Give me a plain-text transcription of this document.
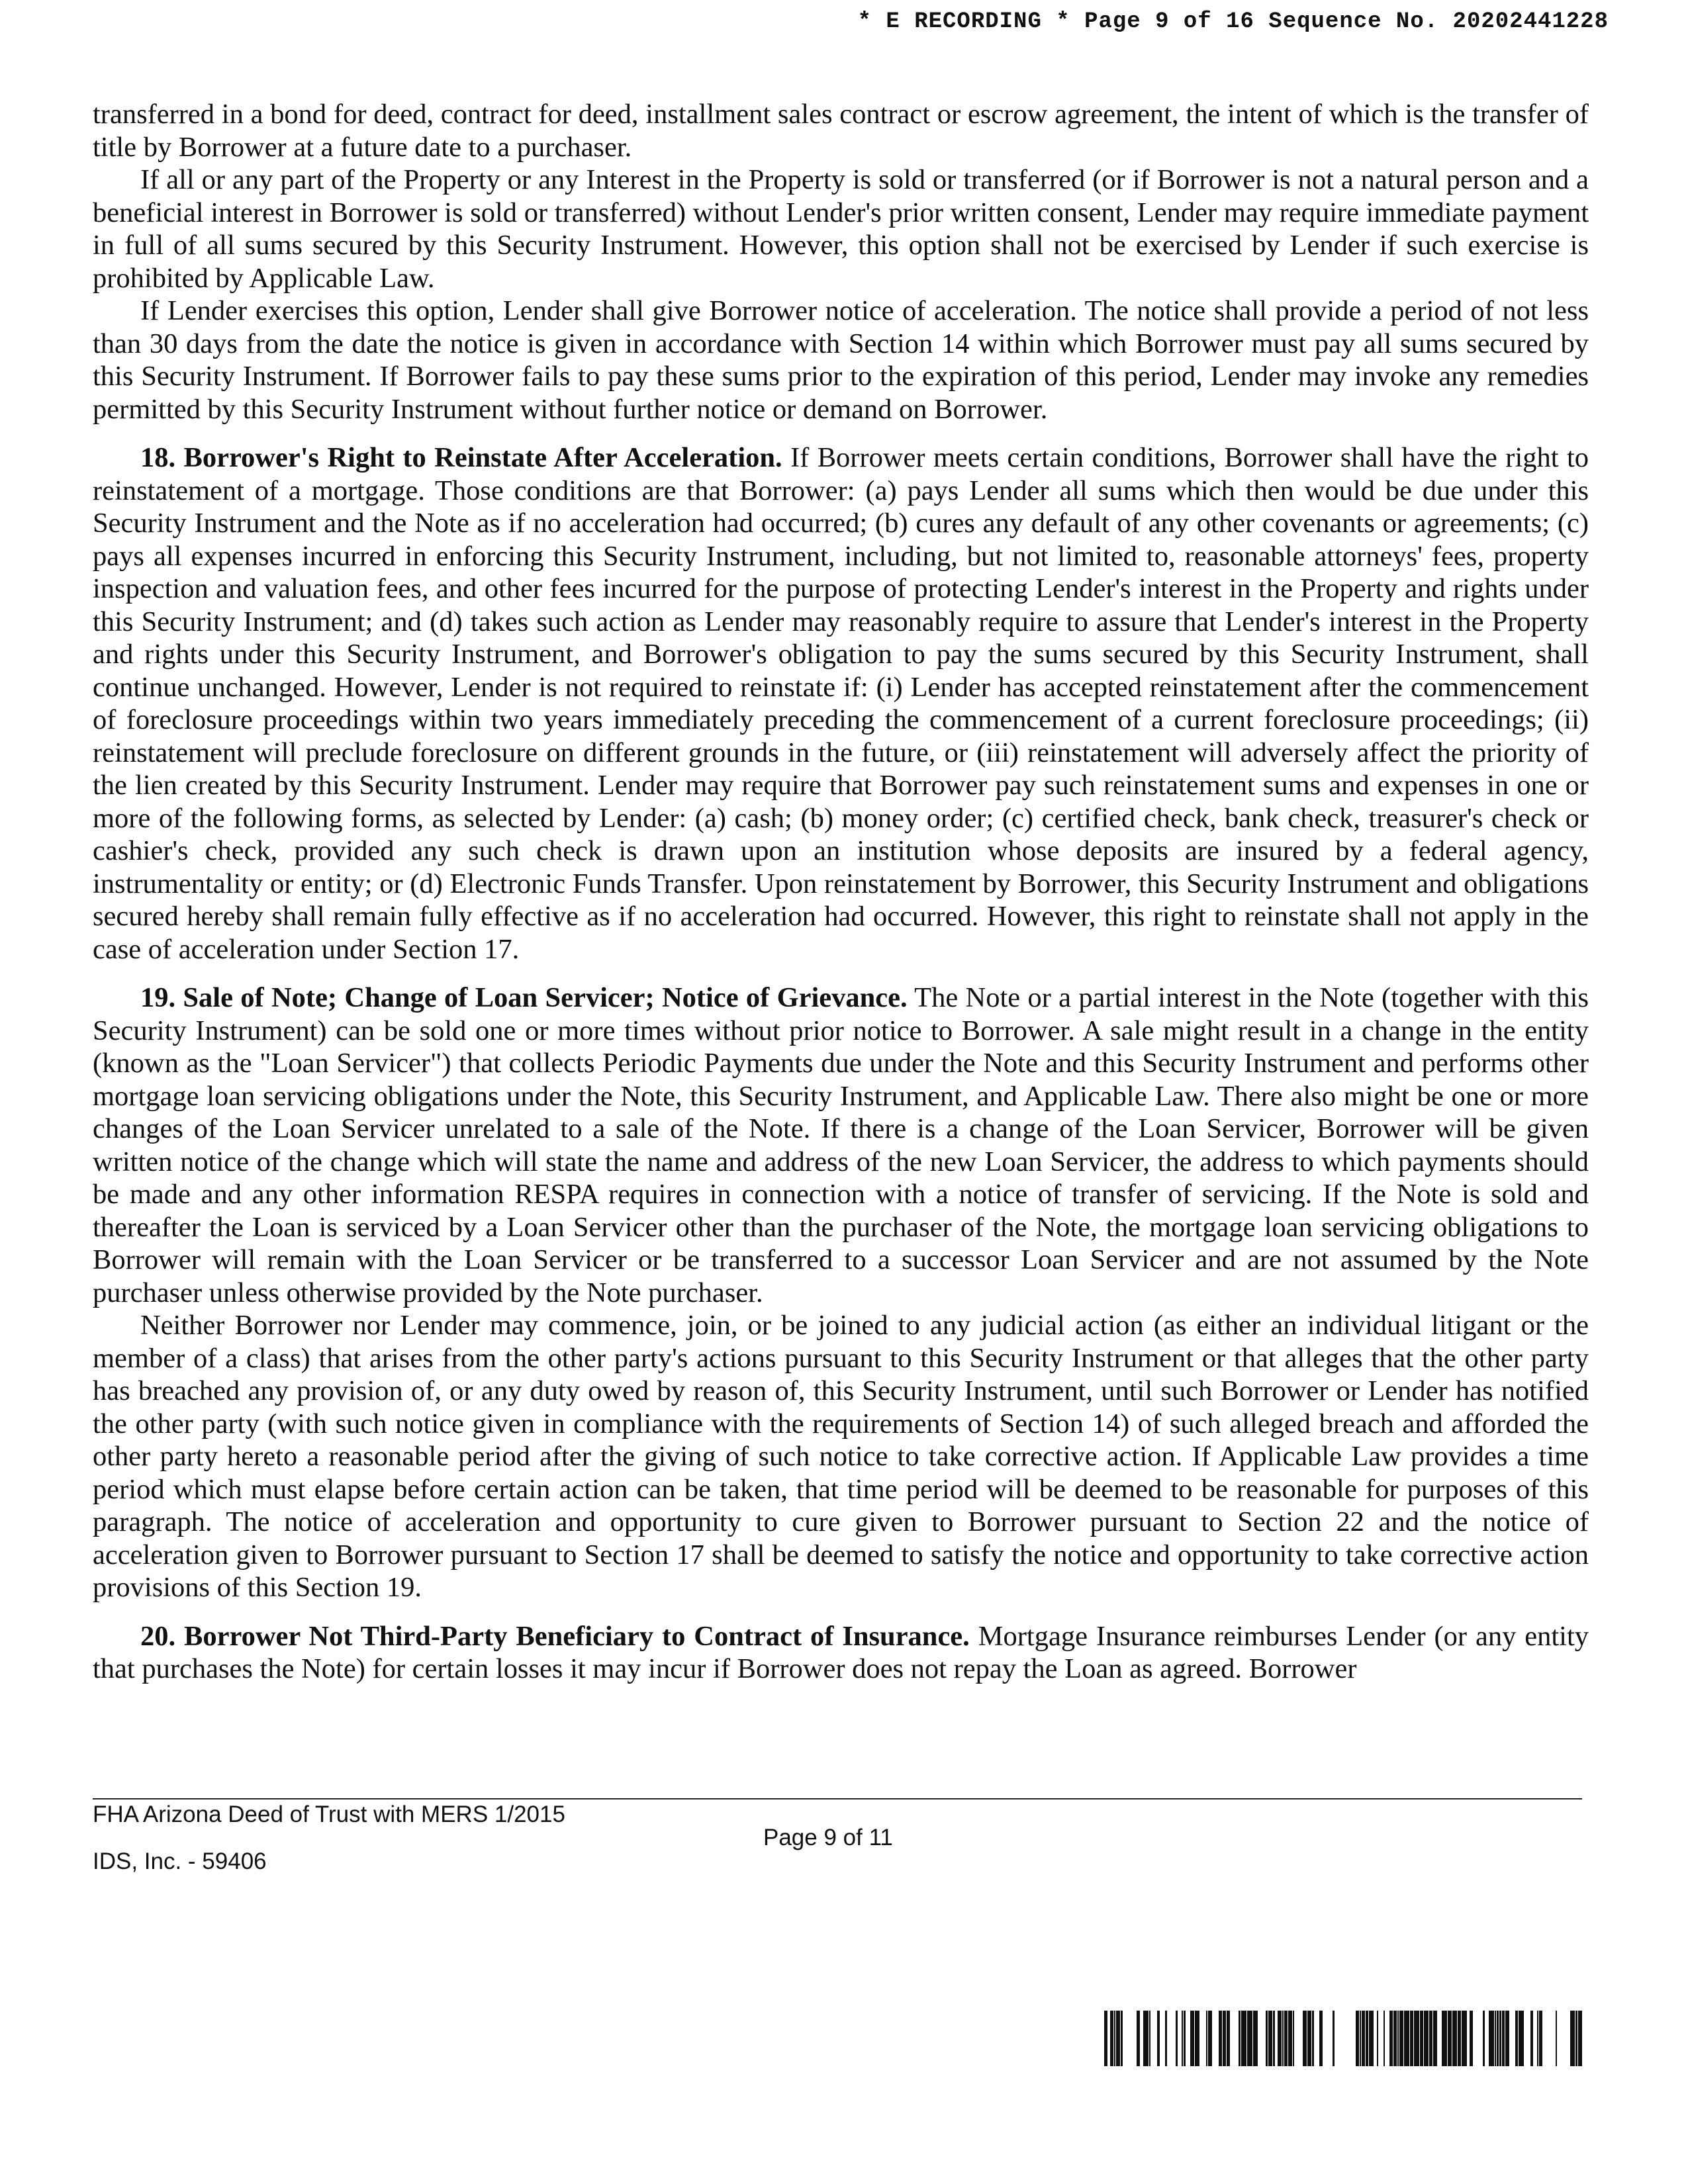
* E RECORDING * Page 9 of 16 Sequence No. 20202441228

transferred in a bond for deed, contract for deed, installment sales contract or escrow agreement, the intent of which is the transfer of title by Borrower at a future date to a purchaser.

If all or any part of the Property or any Interest in the Property is sold or transferred (or if Borrower is not a natural person and a beneficial interest in Borrower is sold or transferred) without Lender's prior written consent, Lender may require immediate payment in full of all sums secured by this Security Instrument. However, this option shall not be exercised by Lender if such exercise is prohibited by Applicable Law.

If Lender exercises this option, Lender shall give Borrower notice of acceleration. The notice shall provide a period of not less than 30 days from the date the notice is given in accordance with Section 14 within which Borrower must pay all sums secured by this Security Instrument. If Borrower fails to pay these sums prior to the expiration of this period, Lender may invoke any remedies permitted by this Security Instrument without further notice or demand on Borrower.

18. Borrower's Right to Reinstate After Acceleration. If Borrower meets certain conditions, Borrower shall have the right to reinstatement of a mortgage. Those conditions are that Borrower: (a) pays Lender all sums which then would be due under this Security Instrument and the Note as if no acceleration had occurred; (b) cures any default of any other covenants or agreements; (c) pays all expenses incurred in enforcing this Security Instrument, including, but not limited to, reasonable attorneys' fees, property inspection and valuation fees, and other fees incurred for the purpose of protecting Lender's interest in the Property and rights under this Security Instrument; and (d) takes such action as Lender may reasonably require to assure that Lender's interest in the Property and rights under this Security Instrument, and Borrower's obligation to pay the sums secured by this Security Instrument, shall continue unchanged. However, Lender is not required to reinstate if: (i) Lender has accepted reinstatement after the commencement of foreclosure proceedings within two years immediately preceding the commencement of a current foreclosure proceedings; (ii) reinstatement will preclude foreclosure on different grounds in the future, or (iii) reinstatement will adversely affect the priority of the lien created by this Security Instrument. Lender may require that Borrower pay such reinstatement sums and expenses in one or more of the following forms, as selected by Lender: (a) cash; (b) money order; (c) certified check, bank check, treasurer's check or cashier's check, provided any such check is drawn upon an institution whose deposits are insured by a federal agency, instrumentality or entity; or (d) Electronic Funds Transfer. Upon reinstatement by Borrower, this Security Instrument and obligations secured hereby shall remain fully effective as if no acceleration had occurred. However, this right to reinstate shall not apply in the case of acceleration under Section 17.

19. Sale of Note; Change of Loan Servicer; Notice of Grievance. The Note or a partial interest in the Note (together with this Security Instrument) can be sold one or more times without prior notice to Borrower. A sale might result in a change in the entity (known as the "Loan Servicer") that collects Periodic Payments due under the Note and this Security Instrument and performs other mortgage loan servicing obligations under the Note, this Security Instrument, and Applicable Law. There also might be one or more changes of the Loan Servicer unrelated to a sale of the Note. If there is a change of the Loan Servicer, Borrower will be given written notice of the change which will state the name and address of the new Loan Servicer, the address to which payments should be made and any other information RESPA requires in connection with a notice of transfer of servicing. If the Note is sold and thereafter the Loan is serviced by a Loan Servicer other than the purchaser of the Note, the mortgage loan servicing obligations to Borrower will remain with the Loan Servicer or be transferred to a successor Loan Servicer and are not assumed by the Note purchaser unless otherwise provided by the Note purchaser.

Neither Borrower nor Lender may commence, join, or be joined to any judicial action (as either an individual litigant or the member of a class) that arises from the other party's actions pursuant to this Security Instrument or that alleges that the other party has breached any provision of, or any duty owed by reason of, this Security Instrument, until such Borrower or Lender has notified the other party (with such notice given in compliance with the requirements of Section 14) of such alleged breach and afforded the other party hereto a reasonable period after the giving of such notice to take corrective action. If Applicable Law provides a time period which must elapse before certain action can be taken, that time period will be deemed to be reasonable for purposes of this paragraph. The notice of acceleration and opportunity to cure given to Borrower pursuant to Section 22 and the notice of acceleration given to Borrower pursuant to Section 17 shall be deemed to satisfy the notice and opportunity to take corrective action provisions of this Section 19.

20. Borrower Not Third-Party Beneficiary to Contract of Insurance. Mortgage Insurance reimburses Lender (or any entity that purchases the Note) for certain losses it may incur if Borrower does not repay the Loan as agreed. Borrower

FHA Arizona Deed of Trust with MERS 1/2015
Page 9 of 11
IDS, Inc. - 59406
